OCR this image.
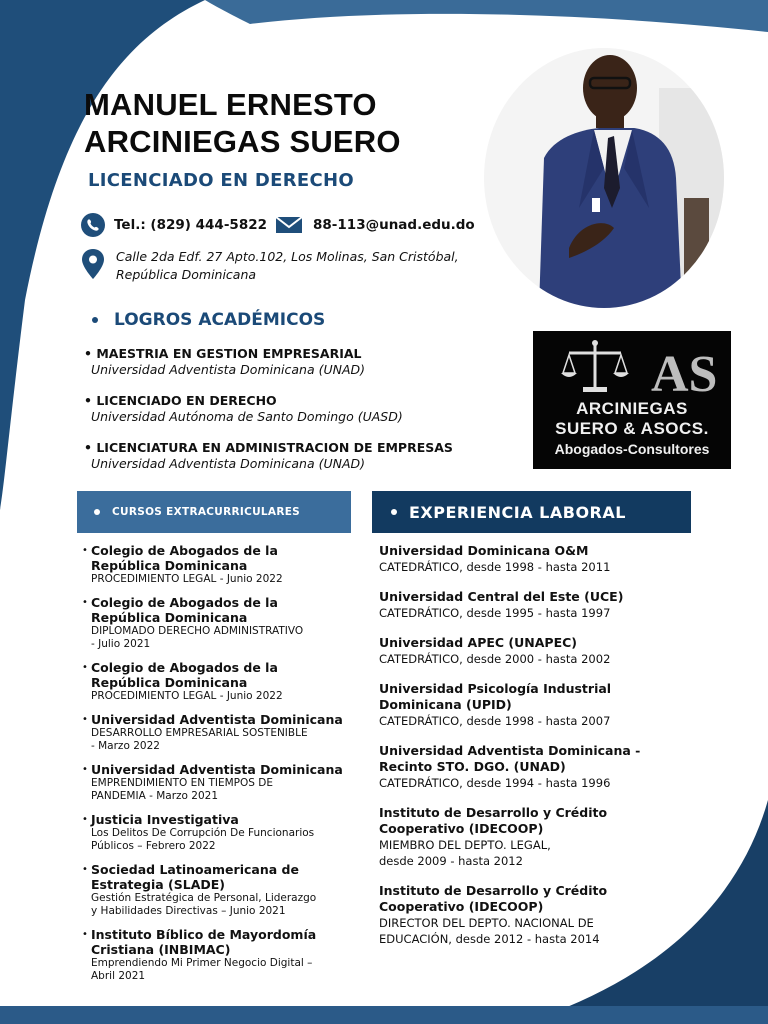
MANUEL ERNESTO
ARCINIEGAS SUERO
LICENCIADO EN DERECHO
Tel.: (829) 444-5822	88-113@unad.edu.do
Calle 2da Edf. 27 Apto.102, Los Molinas, San Cristóbal,
República Dominicana
AS
ARCINIEGAS
SUERO & ASOCS.
Abogados-Consultores
LOGROS ACADÉMICOS
• MAESTRIA EN GESTION EMPRESARIAL
Universidad Adventista Dominicana (UNAD)
• LICENCIADO EN DERECHO
Universidad Autónoma de Santo Domingo (UASD)
• LICENCIATURA EN ADMINISTRACION DE EMPRESAS
Universidad Adventista Dominicana (UNAD)
CURSOS EXTRACURRICULARES	EXPERIENCIA LABORAL
• Colegio de Abogados de la
República Dominicana
PROCEDIMIENTO LEGAL - Junio 2022
• Colegio de Abogados de la
República Dominicana
DIPLOMADO DERECHO ADMINISTRATIVO
- Julio 2021
• Colegio de Abogados de la
República Dominicana
PROCEDIMIENTO LEGAL - Junio 2022
• Universidad Adventista Dominicana
DESARROLLO EMPRESARIAL SOSTENIBLE
- Marzo 2022
• Universidad Adventista Dominicana
EMPRENDIMIENTO EN TIEMPOS DE
PANDEMIA - Marzo 2021
• Justicia Investigativa
Los Delitos De Corrupción De Funcionarios
Públicos – Febrero 2022
• Sociedad Latinoamericana de
Estrategia (SLADE)
Gestión Estratégica de Personal, Liderazgo
y Habilidades Directivas – Junio 2021
• Instituto Bíblico de Mayordomía
Cristiana (INBIMAC)
Emprendiendo Mi Primer Negocio Digital –
Abril 2021
Universidad Dominicana O&M
CATEDRÁTICO, desde 1998 - hasta 2011
Universidad Central del Este (UCE)
CATEDRÁTICO, desde 1995 - hasta 1997
Universidad APEC (UNAPEC)
CATEDRÁTICO, desde 2000 - hasta 2002
Universidad Psicología Industrial
Dominicana (UPID)
CATEDRÁTICO, desde 1998 - hasta 2007
Universidad Adventista Dominicana -
Recinto STO. DGO. (UNAD)
CATEDRÁTICO, desde 1994 - hasta 1996
Instituto de Desarrollo y Crédito
Cooperativo (IDECOOP)
MIEMBRO DEL DEPTO. LEGAL,
desde 2009 - hasta 2012
Instituto de Desarrollo y Crédito
Cooperativo (IDECOOP)
DIRECTOR DEL DEPTO. NACIONAL DE
EDUCACIÓN, desde 2012 - hasta 2014
